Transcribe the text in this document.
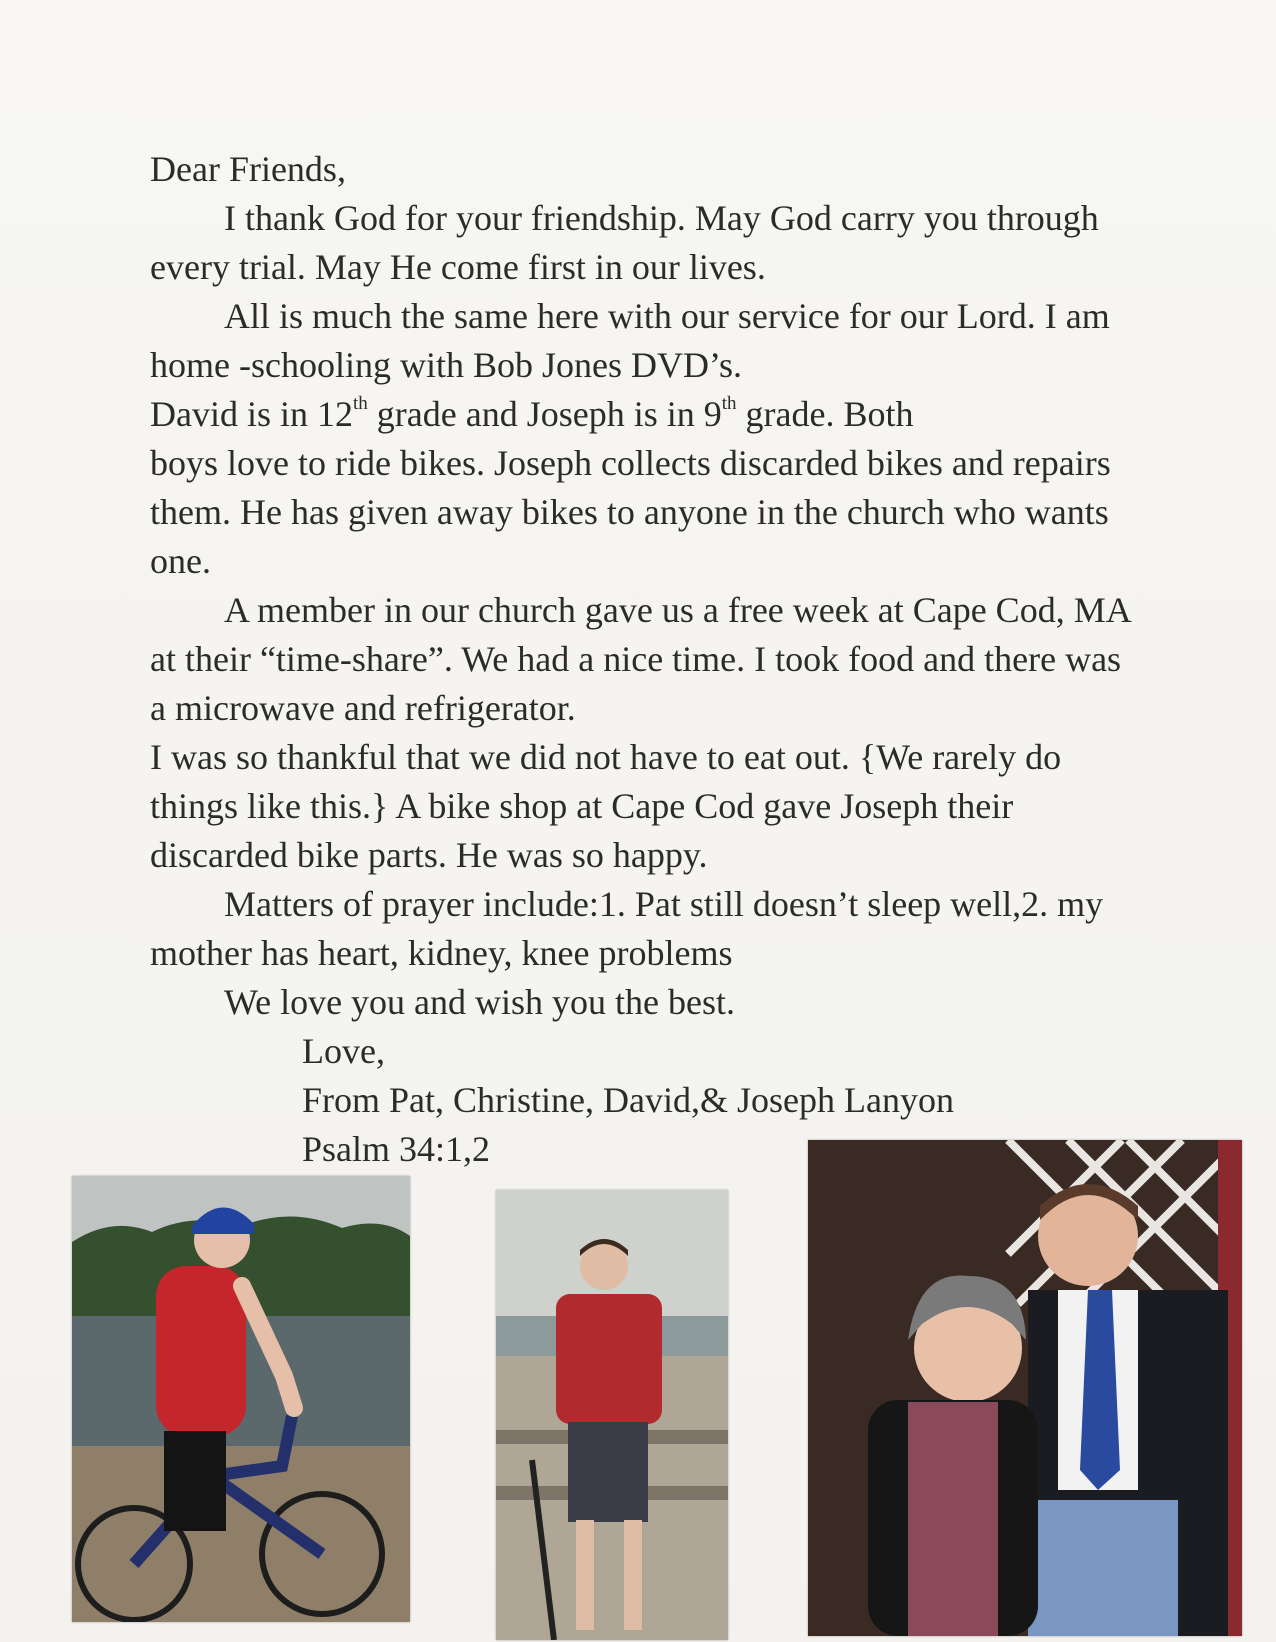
Dear Friends,

I thank God for your friendship. May God carry you through every trial. May He come first in our lives.

All is much the same here with our service for our Lord. I am home -schooling with Bob Jones DVD’s.

David is in 12th grade and Joseph is in 9th grade. Both

boys love to ride bikes. Joseph collects discarded bikes and repairs them. He has given away bikes to anyone in the church who wants one.

A member in our church gave us a free week at Cape Cod, MA at their “time-share”. We had a nice time. I took food and there was a microwave and refrigerator.

I was so thankful that we did not have to eat out. {We rarely do things like this.} A bike shop at Cape Cod gave Joseph their discarded bike parts. He was so happy.

Matters of prayer include:1. Pat still doesn’t sleep well,2. my mother has heart, kidney, knee problems

We love you and wish you the best.

Love,

From Pat, Christine, David,& Joseph Lanyon

Psalm 34:1,2
